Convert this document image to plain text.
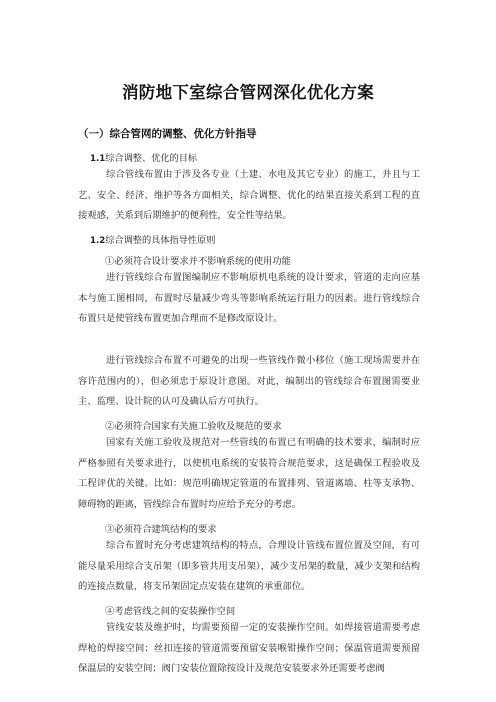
消防地下室综合管网深化优化方案
（一）综合管网的调整、优化方针指导

1.1综合调整、优化的目标

综合管线布置由于涉及各专业（土建、水电及其它专业）的施工，并且与工艺、安全、经济、维护等各方面相关，综合调整、优化的结果直接关系到工程的直接观感，关系到后期维护的便利性，安全性等结果。

1.2综合调整的具体指导性原则

①必须符合设计要求并不影响系统的使用功能

进行管线综合布置图编制应不影响原机电系统的设计要求，管道的走向应基本与施工图相同，布置时尽量减少弯头等影响系统运行阻力的因素。进行管线综合布置只是使管线布置更加合理而不是修改原设计。

进行管线综合布置不可避免的出现一些管线作微小移位（施工现场需要并在容许范围内的），但必须忠于原设计意图。对此，编制出的管线综合布置图需要业主、监理、设计院的认可及确认后方可执行。

②必须符合国家有关施工验收及规范的要求

国家有关施工验收及规范对一些管线的布置已有明确的技术要求，编制时应严格参照有关要求进行，以使机电系统的安装符合规范要求，这是确保工程验收及工程评优的关键。比如：规范明确规定管道的布置排列、管道离墙、柱等支承物、障碍物的距离，管线综合布置时均应给予充分的考虑。

③必须符合建筑结构的要求

综合布置时充分考虑建筑结构的特点，合理设计管线布置位置及空间，有可能尽量采用综合支吊架（即多管共用支吊架），减少支吊架的数量，减少支架和结构的连接点数量，将支吊架固定点安装在建筑的承重部位。

④考虑管线之间的安装操作空间

管线安装及维护时，均需要预留一定的安装操作空间。如焊接管道需要考虑焊枪的焊接空间；丝扣连接的管道需要预留安装喉钳操作空间；保温管道需要预留保温层的安装空间；阀门安装位置除按设计及规范安装要求外还需要考虑阀
